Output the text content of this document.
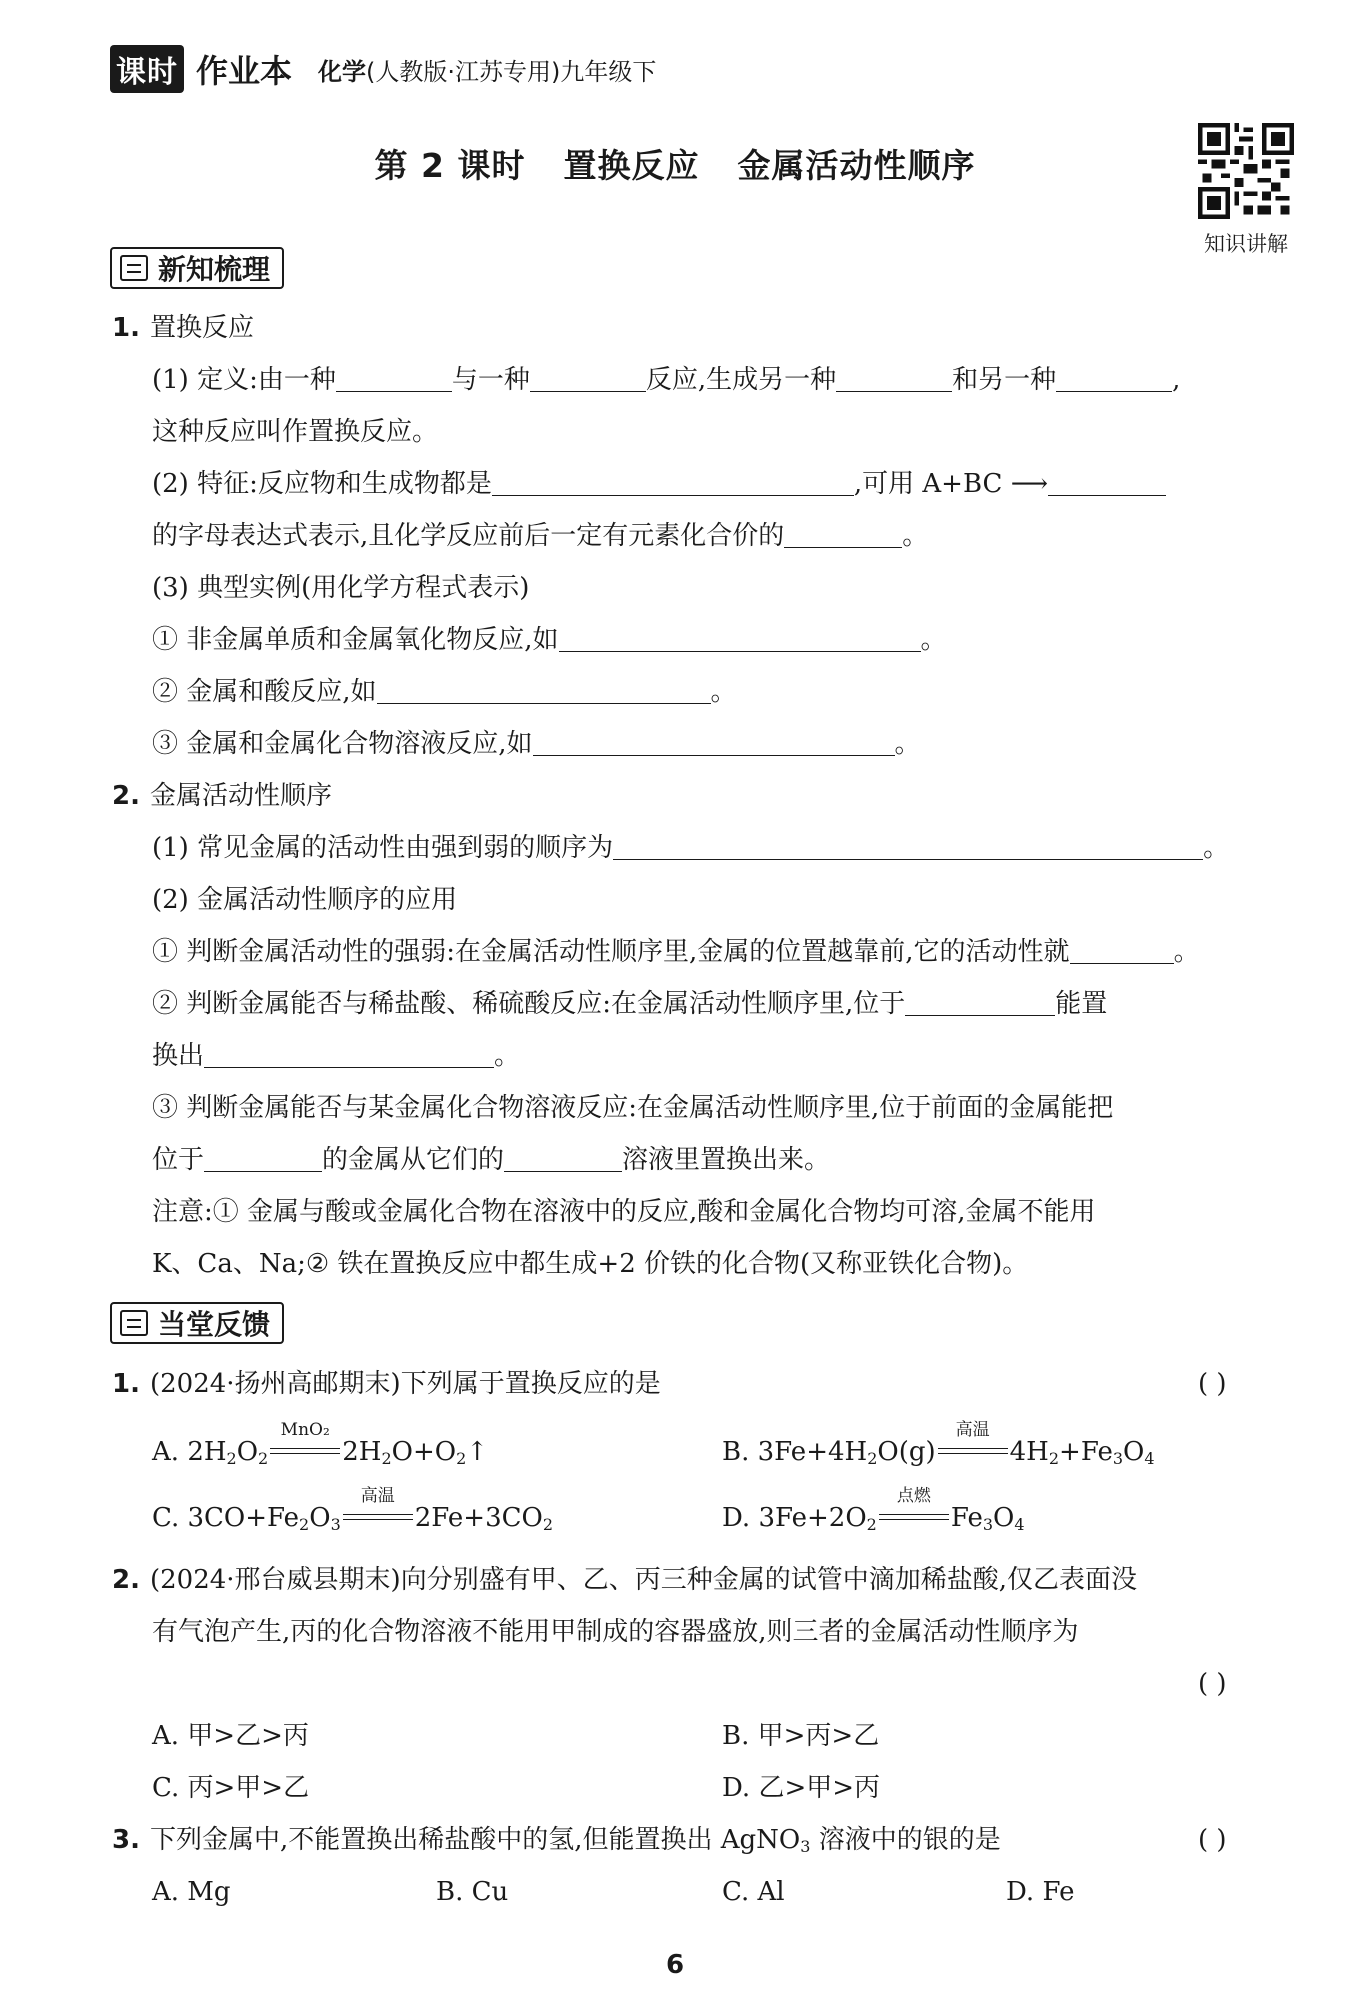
课时 作业本 化学(人教版·江苏专用)九年级下
第 2 课时 置换反应 金属活动性顺序
知识讲解
新知梳理
1. 置换反应
(1) 定义:由一种	与一种	反应,生成另一种	和另一种	,
这种反应叫作置换反应。
(2) 特征:反应物和生成物都是	,可用 A+BC ⟶
的字母表达式表示,且化学反应前后一定有元素化合价的	。
(3) 典型实例(用化学方程式表示)
① 非金属单质和金属氧化物反应,如	。
② 金属和酸反应,如	。
③ 金属和金属化合物溶液反应,如	。
2. 金属活动性顺序
(1) 常见金属的活动性由强到弱的顺序为	。
(2) 金属活动性顺序的应用
① 判断金属活动性的强弱:在金属活动性顺序里,金属的位置越靠前,它的活动性就	。
② 判断金属能否与稀盐酸、稀硫酸反应:在金属活动性顺序里,位于	能置
换出	。
③ 判断金属能否与某金属化合物溶液反应:在金属活动性顺序里,位于前面的金属能把
位于	的金属从它们的	溶液里置换出来。
注意:① 金属与酸或金属化合物在溶液中的反应,酸和金属化合物均可溶,金属不能用
K、Ca、Na;② 铁在置换反应中都生成+2 价铁的化合物(又称亚铁化合物)。
当堂反馈
1. (2024·扬州高邮期末)下列属于置换反应的是	( )
A. $2H_2O_2$
MnO₂
$2H_2O+O_2↑$	B. $3Fe+4H_2O(g)$
高温
$4H_2+Fe_3O_4$
C. $3CO+Fe_2O_3$
高温
$2Fe+3CO_2$	D. $3Fe+2O_2$
点燃
$Fe_3O_4$
2. (2024·邢台威县期末)向分别盛有甲、乙、丙三种金属的试管中滴加稀盐酸,仅乙表面没
有气泡产生,丙的化合物溶液不能用甲制成的容器盛放,则三者的金属活动性顺序为
( )
A. 甲>乙>丙	B. 甲>丙>乙
C. 丙>甲>乙	D. 乙>甲>丙
3. 下列金属中,不能置换出稀盐酸中的氢,但能置换出 AgNO$_3$ 溶液中的银的是	( )
A. Mg	B. Cu	C. Al	D. Fe
6
